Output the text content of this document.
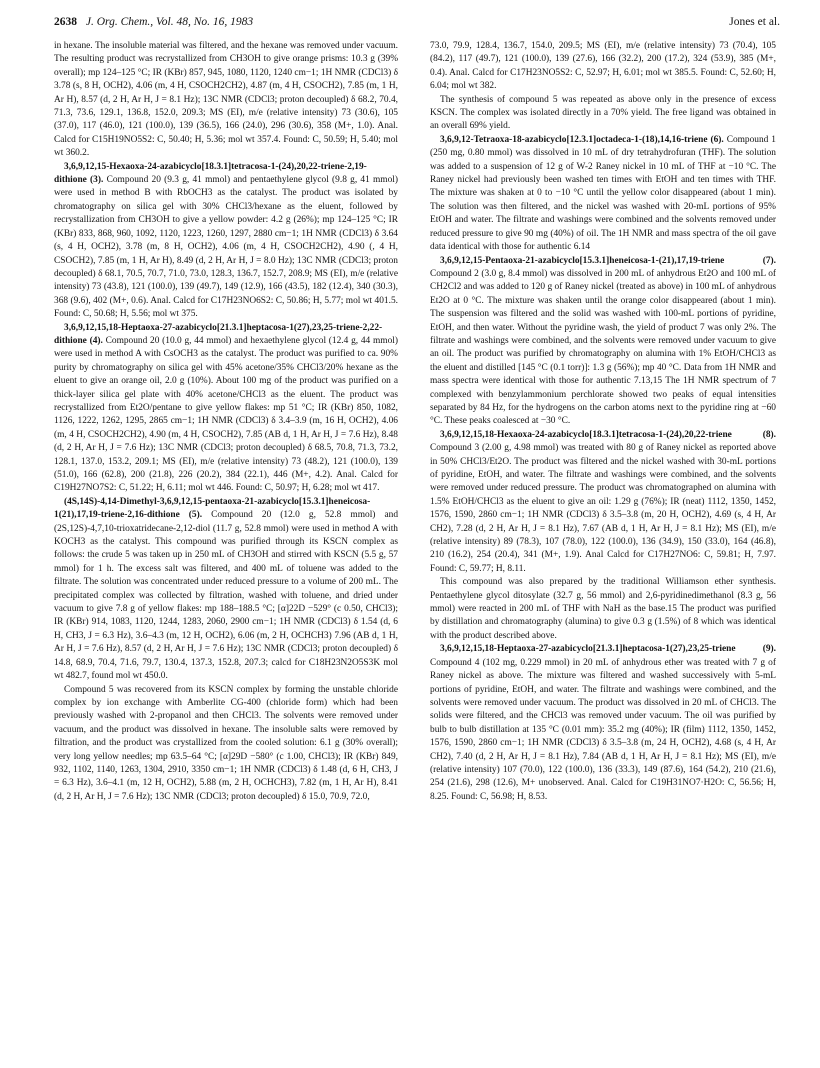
2638 J. Org. Chem., Vol. 48, No. 16, 1983	Jones et al.

in hexane. The insoluble material was filtered, and the hexane was removed under vacuum. The resulting product was recrystallized from CH3OH to give orange prisms: 10.3 g (39% overall); mp 124–125 °C; IR (KBr) 857, 945, 1080, 1120, 1240 cm−1; 1H NMR (CDCl3) δ 3.78 (s, 8 H, OCH2), 4.06 (m, 4 H, CSOCH2CH2), 4.87 (m, 4 H, CSOCH2), 7.85 (m, 1 H, Ar H), 8.57 (d, 2 H, Ar H, J = 8.1 Hz); 13C NMR (CDCl3; proton decoupled) δ 68.2, 70.4, 71.3, 73.6, 129.1, 136.8, 152.0, 209.3; MS (EI), m/e (relative intensity) 73 (30.6), 105 (37.0), 117 (46.0), 121 (100.0), 139 (36.5), 166 (24.0), 296 (30.6), 358 (M+, 1.0). Anal. Calcd for C15H19NO5S2: C, 50.40; H, 5.36; mol wt 357.4. Found: C, 50.59; H, 5.40; mol wt 360.2.

3,6,9,12,15-Hexaoxa-24-azabicyclo[18.3.1]tetracosa-1-(24),20,22-triene-2,19-dithione (3). Compound 20 (9.3 g, 41 mmol) and pentaethylene glycol (9.8 g, 41 mmol) were used in method B with RbOCH3 as the catalyst. The product was isolated by chromatography on silica gel with 30% CHCl3/hexane as the eluent, followed by recrystallization from CH3OH to give a yellow powder: 4.2 g (26%); mp 124–125 °C; IR (KBr) 833, 868, 960, 1092, 1120, 1223, 1260, 1297, 2880 cm−1; 1H NMR (CDCl3) δ 3.64 (s, 4 H, OCH2), 3.78 (m, 8 H, OCH2), 4.06 (m, 4 H, CSOCH2CH2), 4.90 (, 4 H, CSOCH2), 7.85 (m, 1 H, Ar H), 8.49 (d, 2 H, Ar H, J = 8.0 Hz); 13C NMR (CDCl3; proton decoupled) δ 68.1, 70.5, 70.7, 71.0, 73.0, 128.3, 136.7, 152.7, 208.9; MS (EI), m/e (relative intensity) 73 (43.8), 121 (100.0), 139 (49.7), 149 (12.9), 166 (43.5), 182 (12.4), 340 (30.3), 368 (9.6), 402 (M+, 0.6). Anal. Calcd for C17H23NO6S2: C, 50.86; H, 5.77; mol wt 401.5. Found: C, 50.68; H, 5.56; mol wt 375.

3,6,9,12,15,18-Heptaoxa-27-azabicyclo[21.3.1]heptacosa-1(27),23,25-triene-2,22-dithione (4). Compound 20 (10.0 g, 44 mmol) and hexaethylene glycol (12.4 g, 44 mmol) were used in method A with CsOCH3 as the catalyst. The product was purified to ca. 90% purity by chromatography on silica gel with 45% acetone/35% CHCl3/20% hexane as the eluent to give an orange oil, 2.0 g (10%). About 100 mg of the product was purified on a thick-layer silica gel plate with 40% acetone/CHCl3 as the eluent. The product was recrystallized from Et2O/pentane to give yellow flakes: mp 51 °C; IR (KBr) 850, 1082, 1126, 1222, 1262, 1295, 2865 cm−1; 1H NMR (CDCl3) δ 3.4–3.9 (m, 16 H, OCH2), 4.06 (m, 4 H, CSOCH2CH2), 4.90 (m, 4 H, CSOCH2), 7.85 (AB d, 1 H, Ar H, J = 7.6 Hz), 8.48 (d, 2 H, Ar H, J = 7.6 Hz); 13C NMR (CDCl3; proton decoupled) δ 68.5, 70.8, 71.3, 73.2, 128.1, 137.0, 153.2, 209.1; MS (EI), m/e (relative intensity) 73 (48.2), 121 (100.0), 139 (51.0), 166 (62.8), 200 (21.8), 226 (20.2), 384 (22.1), 446 (M+, 4.2). Anal. Calcd for C19H27NO7S2: C, 51.22; H, 6.11; mol wt 446. Found: C, 50.97; H, 6.28; mol wt 417.

(4S,14S)-4,14-Dimethyl-3,6,9,12,15-pentaoxa-21-azabicyclo[15.3.1]heneicosa-1(21),17,19-triene-2,16-dithione (5). Compound 20 (12.0 g, 52.8 mmol) and (2S,12S)-4,7,10-trioxatridecane-2,12-diol (11.7 g, 52.8 mmol) were used in method A with KOCH3 as the catalyst. This compound was purified through its KSCN complex as follows: the crude 5 was taken up in 250 mL of CH3OH and stirred with KSCN (5.5 g, 57 mmol) for 1 h. The excess salt was filtered, and 400 mL of toluene was added to the filtrate. The solution was concentrated under reduced pressure to a volume of 200 mL. The precipitated complex was collected by filtration, washed with toluene, and dried under vacuum to give 7.8 g of yellow flakes: mp 188–188.5 °C; [α]22D −529° (c 0.50, CHCl3); IR (KBr) 914, 1083, 1120, 1244, 1283, 2060, 2900 cm−1; 1H NMR (CDCl3) δ 1.54 (d, 6 H, CH3, J = 6.3 Hz), 3.6–4.3 (m, 12 H, OCH2), 6.06 (m, 2 H, OCHCH3) 7.96 (AB d, 1 H, Ar H, J = 7.6 Hz), 8.57 (d, 2 H, Ar H, J = 7.6 Hz); 13C NMR (CDCl3; proton decoupled) δ 14.8, 68.9, 70.4, 71.6, 79.7, 130.4, 137.3, 152.8, 207.3; calcd for C18H23N2O5S3K mol wt 482.7, found mol wt 450.0.

Compound 5 was recovered from its KSCN complex by forming the unstable chloride complex by ion exchange with Amberlite CG-400 (chloride form) which had been previously washed with 2-propanol and then CHCl3. The solvents were removed under vacuum, and the product was dissolved in hexane. The insoluble salts were removed by filtration, and the product was crystallized from the cooled solution: 6.1 g (30% overall); very long yellow needles; mp 63.5–64 °C; [α]29D −580° (c 1.00, CHCl3); IR (KBr) 849, 932, 1102, 1140, 1263, 1304, 2910, 3350 cm−1; 1H NMR (CDCl3) δ 1.48 (d, 6 H, CH3, J = 6.3 Hz), 3.6–4.1 (m, 12 H, OCH2), 5.88 (m, 2 H, OCHCH3), 7.82 (m, 1 H, Ar H), 8.41 (d, 2 H, Ar H, J = 7.6 Hz); 13C NMR (CDCl3; proton decoupled) δ 15.0, 70.9, 72.0,

73.0, 79.9, 128.4, 136.7, 154.0, 209.5; MS (EI), m/e (relative intensity) 73 (70.4), 105 (84.2), 117 (49.7), 121 (100.0), 139 (27.6), 166 (32.2), 200 (17.2), 324 (53.9), 385 (M+, 0.4). Anal. Calcd for C17H23NO5S2: C, 52.97; H, 6.01; mol wt 385.5. Found: C, 52.60; H, 6.04; mol wt 382.

The synthesis of compound 5 was repeated as above only in the presence of excess KSCN. The complex was isolated directly in a 70% yield. The free ligand was obtained in an overall 69% yield.

3,6,9,12-Tetraoxa-18-azabicyclo[12.3.1]octadeca-1-(18),14,16-triene (6). Compound 1 (250 mg, 0.80 mmol) was dissolved in 10 mL of dry tetrahydrofuran (THF). The solution was added to a suspension of 12 g of W-2 Raney nickel in 10 mL of THF at −10 °C. The Raney nickel had previously been washed ten times with EtOH and ten times with THF. The mixture was shaken at 0 to −10 °C until the yellow color disappeared (about 1 min). The solution was then filtered, and the nickel was washed with 20-mL portions of 95% EtOH and water. The filtrate and washings were combined and the solvents removed under reduced pressure to give 90 mg (40%) of oil. The 1H NMR and mass spectra of the oil gave data identical with those for authentic 6.14

3,6,9,12,15-Pentaoxa-21-azabicyclo[15.3.1]heneicosa-1-(21),17,19-triene (7). Compound 2 (3.0 g, 8.4 mmol) was dissolved in 200 mL of anhydrous Et2O and 100 mL of CH2Cl2 and was added to 120 g of Raney nickel (treated as above) in 100 mL of anhydrous Et2O at 0 °C. The mixture was shaken until the orange color disappeared (about 1 min). The suspension was filtered and the solid was washed with 100-mL portions of pyridine, EtOH, and then water. Without the pyridine wash, the yield of product 7 was only 2%. The filtrate and washings were combined, and the solvents were removed under vacuum to give an oil. The product was purified by chromatography on alumina with 1% EtOH/CHCl3 as the eluent and distilled [145 °C (0.1 torr)]: 1.3 g (56%); mp 40 °C. Data from 1H NMR and mass spectra were identical with those for authentic 7.13,15 The 1H NMR spectrum of 7 complexed with benzylammonium perchlorate showed two peaks of equal intensities separated by 84 Hz, for the hydrogens on the carbon atoms next to the pyridine ring at −60 °C. These peaks coalesced at −30 °C.

3,6,9,12,15,18-Hexaoxa-24-azabicyclo[18.3.1]tetracosa-1-(24),20,22-triene (8). Compound 3 (2.00 g, 4.98 mmol) was treated with 80 g of Raney nickel as reported above in 50% CHCl3/Et2O. The product was filtered and the nickel washed with 30-mL portions of pyridine, EtOH, and water. The filtrate and washings were combined, and the solvents were removed under reduced pressure. The product was chromatographed on alumina with 1.5% EtOH/CHCl3 as the eluent to give an oil: 1.29 g (76%); IR (neat) 1112, 1350, 1452, 1576, 1590, 2860 cm−1; 1H NMR (CDCl3) δ 3.5–3.8 (m, 20 H, OCH2), 4.69 (s, 4 H, Ar CH2), 7.28 (d, 2 H, Ar H, J = 8.1 Hz), 7.67 (AB d, 1 H, Ar H, J = 8.1 Hz); MS (EI), m/e (relative intensity) 89 (78.3), 107 (78.0), 122 (100.0), 136 (34.9), 150 (33.0), 164 (46.8), 210 (16.2), 254 (20.4), 341 (M+, 1.9). Anal Calcd for C17H27NO6: C, 59.81; H, 7.97. Found: C, 59.77; H, 8.11.

This compound was also prepared by the traditional Williamson ether synthesis. Pentaethylene glycol ditosylate (32.7 g, 56 mmol) and 2,6-pyridinedimethanol (8.3 g, 56 mmol) were reacted in 200 mL of THF with NaH as the base.15 The product was purified by distillation and chromatography (alumina) to give 0.3 g (1.5%) of 8 which was identical with the product described above.

3,6,9,12,15,18-Heptaoxa-27-azabicyclo[21.3.1]heptacosa-1(27),23,25-triene (9). Compound 4 (102 mg, 0.229 mmol) in 20 mL of anhydrous ether was treated with 7 g of Raney nickel as above. The mixture was filtered and washed successively with 5-mL portions of pyridine, EtOH, and water. The filtrate and washings were combined, and the solvents were removed under vacuum. The product was dissolved in 20 mL of CHCl3. The solids were filtered, and the CHCl3 was removed under vacuum. The oil was purified by bulb to bulb distillation at 135 °C (0.01 mm): 35.2 mg (40%); IR (film) 1112, 1350, 1452, 1576, 1590, 2860 cm−1; 1H NMR (CDCl3) δ 3.5–3.8 (m, 24 H, OCH2), 4.68 (s, 4 H, Ar CH2), 7.40 (d, 2 H, Ar H, J = 8.1 Hz), 7.84 (AB d, 1 H, Ar H, J = 8.1 Hz); MS (EI), m/e (relative intensity) 107 (70.0), 122 (100.0), 136 (33.3), 149 (87.6), 164 (54.2), 210 (21.6), 254 (21.6), 298 (12.6), M+ unobserved. Anal. Calcd for C19H31NO7·H2O: C, 56.56; H, 8.25. Found: C, 56.98; H, 8.53.
